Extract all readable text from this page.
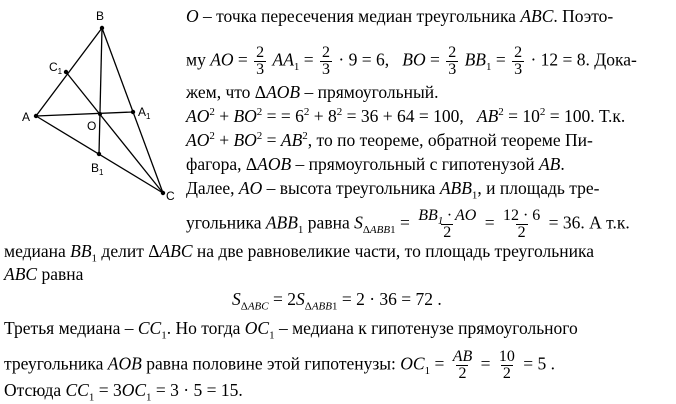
A
B
C
O
$C_1$
$A_1$
$B_1$
O – точка пересечения медиан треугольника ABC. Поэто-
му AO = $\frac{2}{3} AA_1 = \frac{2}{3} \cdot 9 = 6$,   BO = $\frac{2}{3} BB_1 = \frac{2}{3} \cdot 12 = 8$. Дока-
жем, что ΔAOB – прямоугольный.
$AO^2 + BO^2$ = = $6^2 + 8^2 = 36 + 64 = 100$,   $AB^2 = 10^2 = 100$. Т.к.
$AO^2 + BO^2 = AB^2$, то по теореме, обратной теореме Пи-
фагора, ΔAOB – прямоугольный с гипотенузой AB.
Далее, AO – высота треугольника $ABB_1$, и площадь тре-
угольника $ABB_1$ равна $S_{\Delta ABB1} = \frac{BB_1 \cdot AO}{2} = \frac{12 \cdot 6}{2} = 36$. А т.к.
медиана $BB_1$ делит ΔABC на две равновеликие части, то площадь треугольника
ABC равна
$S_{\Delta ABC} = 2S_{\Delta ABB1} = 2 \cdot 36 = 72$ .
Третья медиана – $CC_1$. Но тогда $OC_1$ – медиана к гипотенузе прямоугольного
треугольника AOB равна половине этой гипотенузы: $OC_1 = \frac{AB}{2} = \frac{10}{2} = 5$ .
Отсюда $CC_1 = 3OC_1 = 3 \cdot 5 = 15$.
